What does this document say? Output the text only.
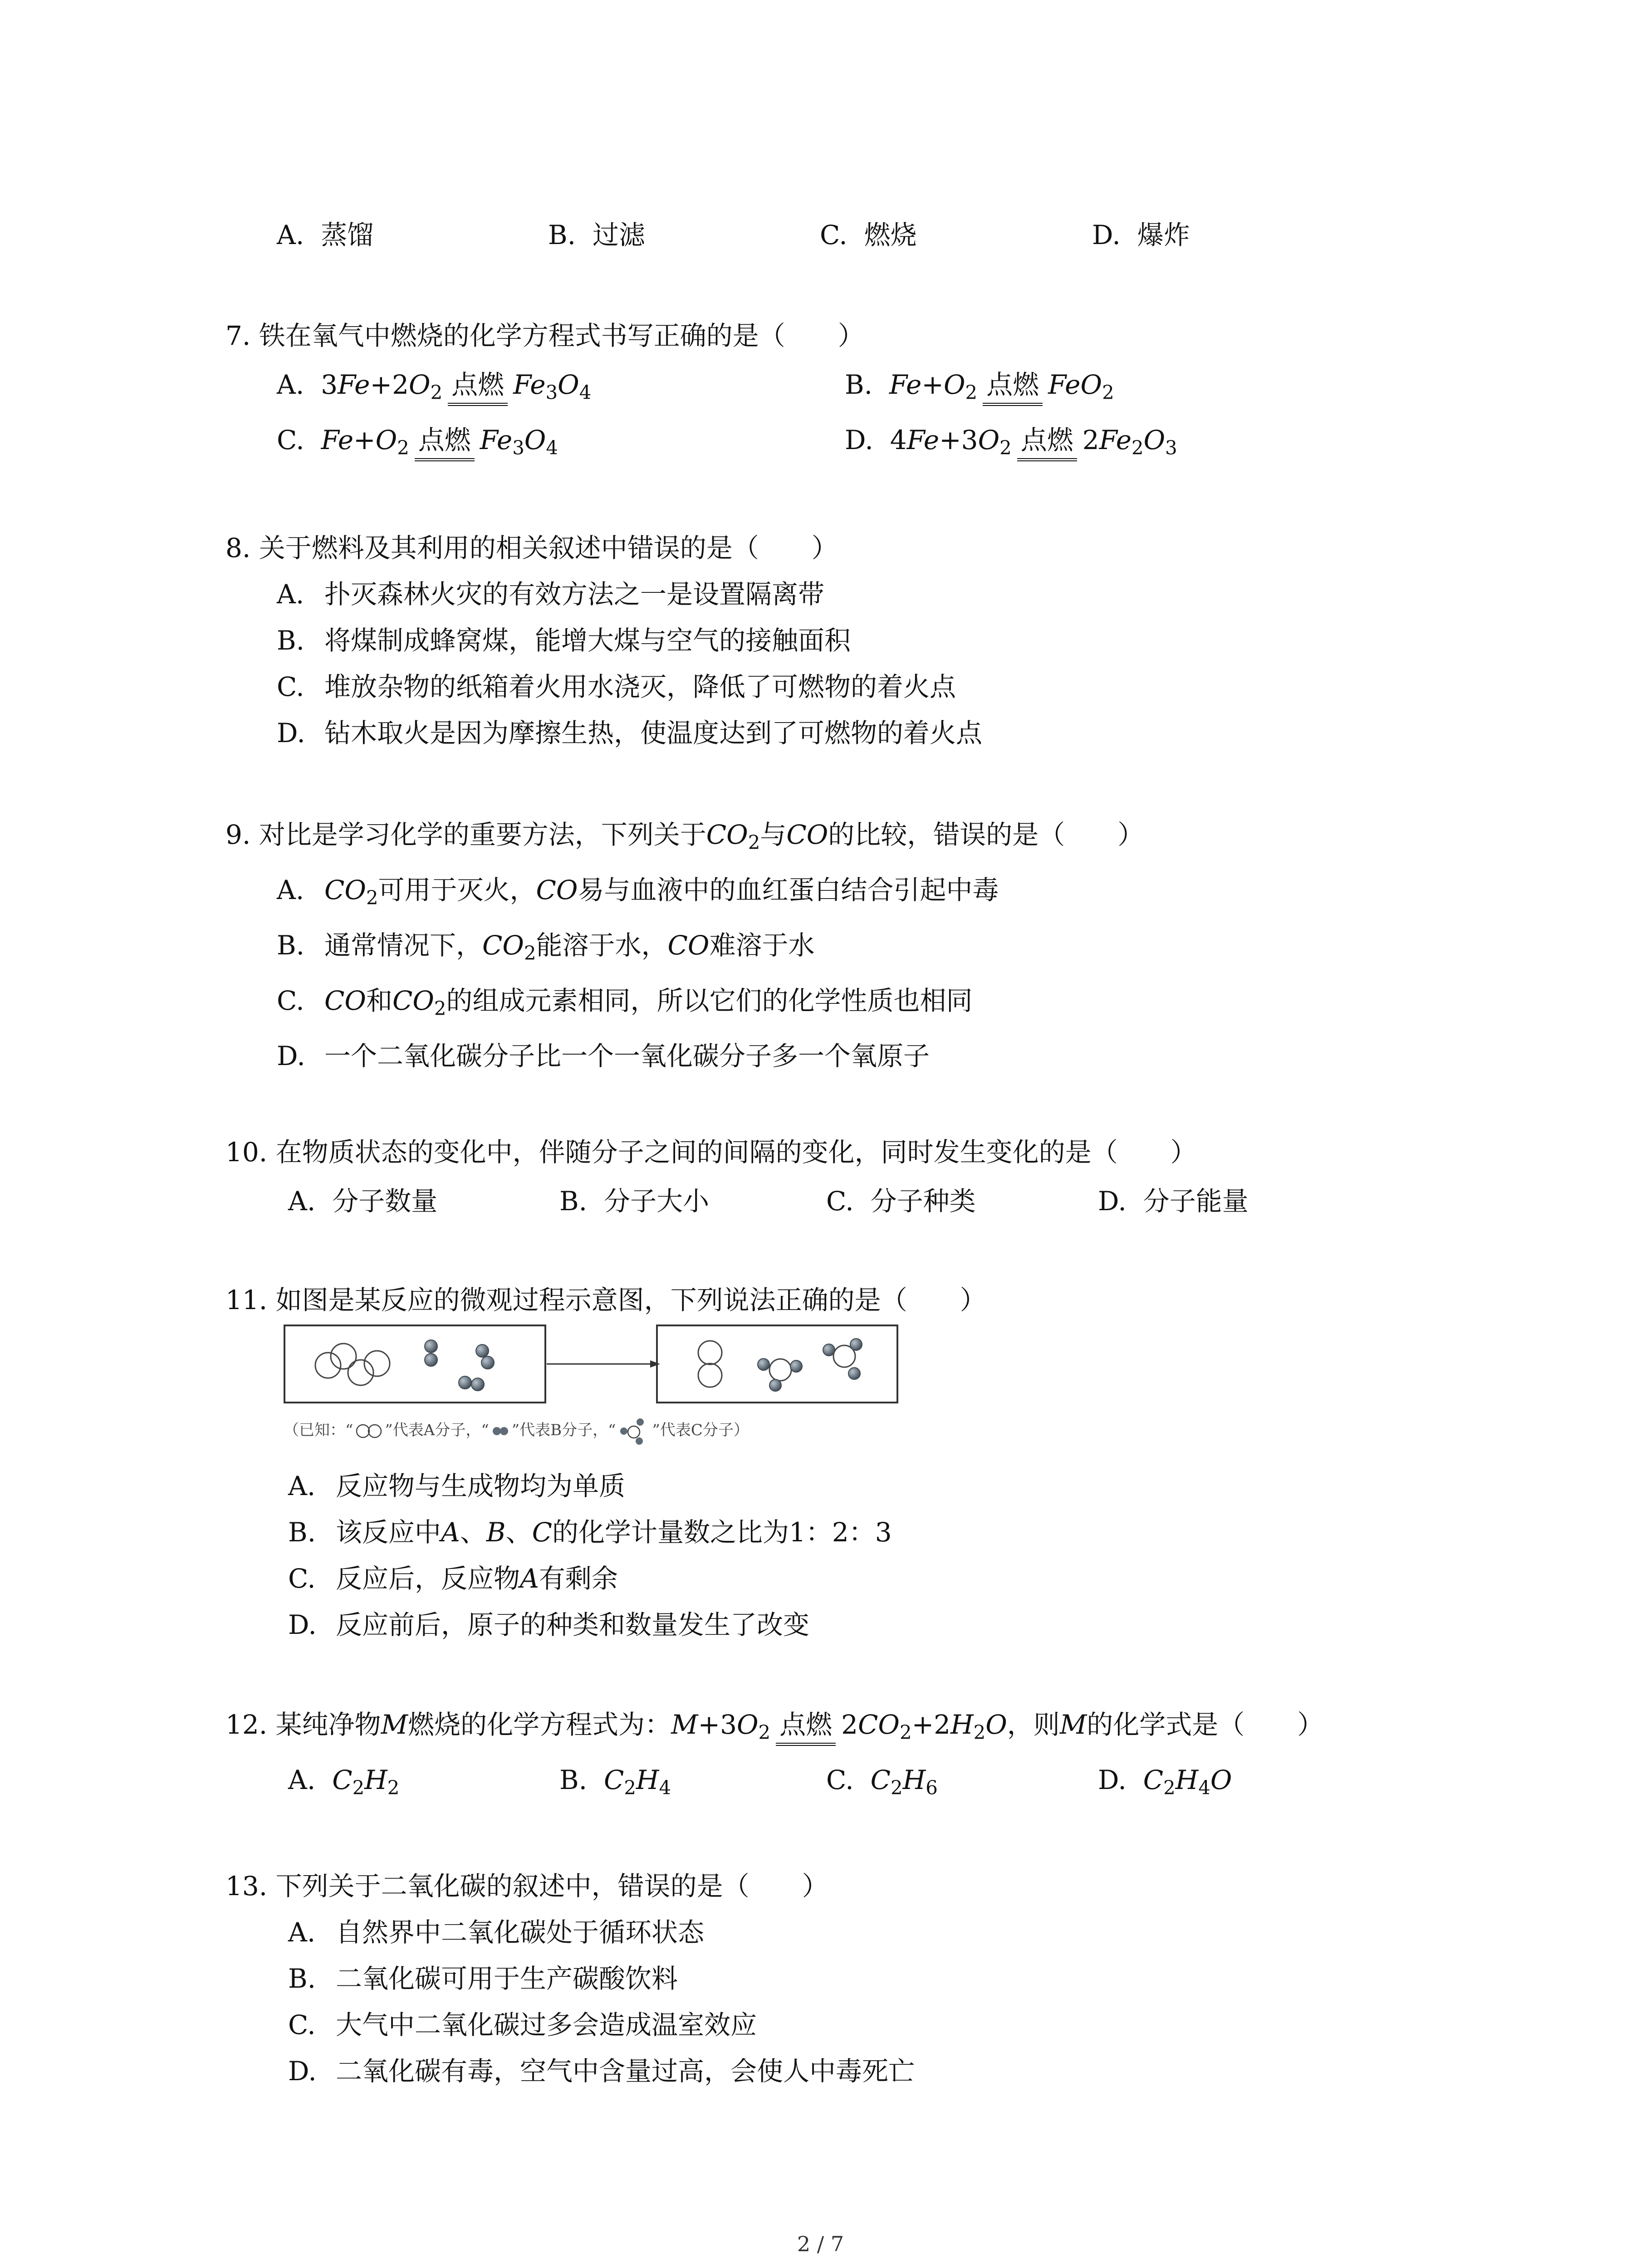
A. 蒸馏	B. 过滤	C. 燃烧	D. 爆炸
7. 铁在氧气中燃烧的化学方程式书写正确的是（　　）
A.  $3Fe+2O_2$ 点燃 $Fe_3O_4$	B. $Fe+O_2$ 点燃 FeO$_2$
C. $Fe+O_2$ 点燃 $Fe_3O_4$	D.  $4Fe+3O_2$ 点燃 $2Fe_2O_3$
8. 关于燃料及其利用的相关叙述中错误的是（　　）
A. 扑灭森林火灾的有效方法之一是设置隔离带
B. 将煤制成蜂窝煤，能增大煤与空气的接触面积
C. 堆放杂物的纸箱着火用水浇灭，降低了可燃物的着火点
D. 钻木取火是因为摩擦生热，使温度达到了可燃物的着火点
9. 对比是学习化学的重要方法，下列关于$CO_2$与CO的比较，错误的是（　　）
A. $CO_2$可用于灭火，CO易与血液中的血红蛋白结合引起中毒
B. 通常情况下，$CO_2$能溶于水，CO难溶于水
C. CO和$CO_2$的组成元素相同，所以它们的化学性质也相同
D. 一个二氧化碳分子比一个一氧化碳分子多一个氧原子
10. 在物质状态的变化中，伴随分子之间的间隔的变化，同时发生变化的是（　　）
A. 分子数量	B. 分子大小	C. 分子种类	D. 分子能量
11. 如图是某反应的微观过程示意图，下列说法正确的是（　　）
（已知：“ ”代表A分子，“ ”代表B分子，“ ”代表C分子）
A. 反应物与生成物均为单质
B. 该反应中A、B、C的化学计量数之比为1：2：3
C. 反应后，反应物A有剩余
D. 反应前后，原子的种类和数量发生了改变
12. 某纯净物M燃烧的化学方程式为：$M+3O_2$ 点燃 $2CO_2+2H_2O$，则M的化学式是（　　）
A. $C_2H_2$	B. $C_2H_4$	C. $C_2H_6$	D. $C_2H_4O$
13. 下列关于二氧化碳的叙述中，错误的是（　　）
A. 自然界中二氧化碳处于循环状态
B. 二氧化碳可用于生产碳酸饮料
C. 大气中二氧化碳过多会造成温室效应
D. 二氧化碳有毒，空气中含量过高，会使人中毒死亡
2 / 7
